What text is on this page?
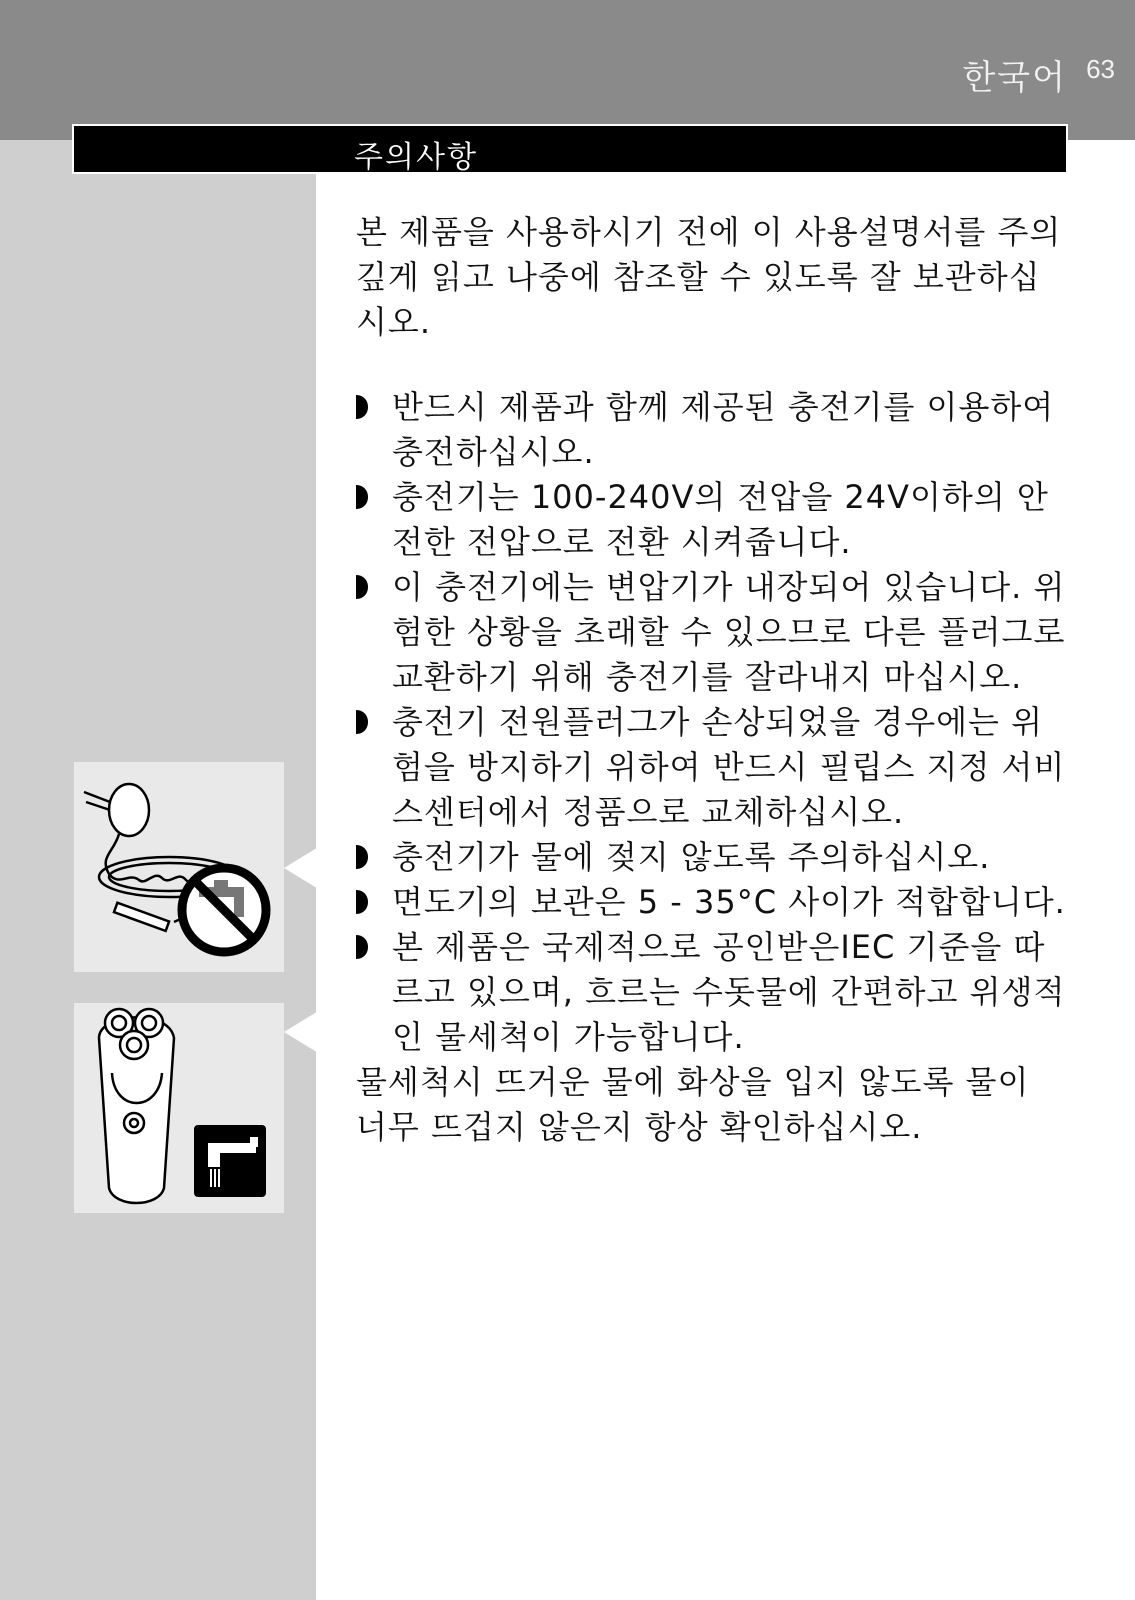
한국어 63
주의사항

본 제품을 사용하시기 전에 이 사용설명서를 주의깊게 읽고 나중에 참조할 수 있도록 잘 보관하십시오.

반드시 제품과 함께 제공된 충전기를 이용하여 충전하십시오.
충전기는 100-240V의 전압을 24V이하의 안전한 전압으로 전환 시켜줍니다.
이 충전기에는 변압기가 내장되어 있습니다. 위험한 상황을 초래할 수 있으므로 다른 플러그로 교환하기 위해 충전기를 잘라내지 마십시오.
충전기 전원플러그가 손상되었을 경우에는 위험을 방지하기 위하여 반드시 필립스 지정 서비스센터에서 정품으로 교체하십시오.
충전기가 물에 젖지 않도록 주의하십시오.
면도기의 보관은 5 - 35°C 사이가 적합합니다.
본 제품은 국제적으로 공인받은IEC 기준을 따르고 있으며, 흐르는 수돗물에 간편하고 위생적인 물세척이 가능합니다.

물세척시 뜨거운 물에 화상을 입지 않도록 물이 너무 뜨겁지 않은지 항상 확인하십시오.
